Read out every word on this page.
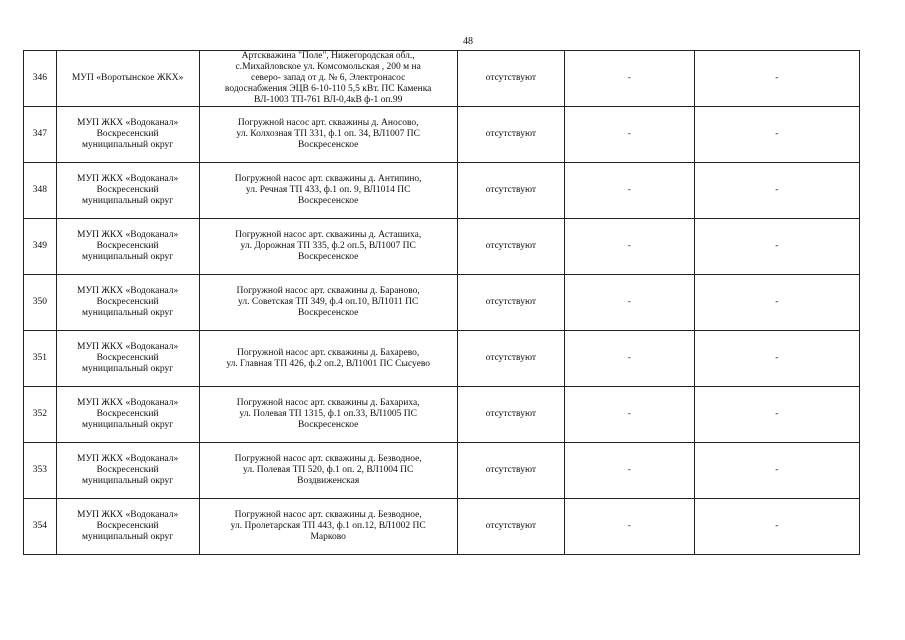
48
346	МУП «Воротынское ЖКХ»	Артскважина "Поле", Нижегородская обл.,
с.Михайловское ул. Комсомольская , 200 м на
северо- запад от д. № 6, Электронасос
водоснабжения ЭЦВ 6-10-110 5,5 кВт. ПС Каменка
ВЛ-1003 ТП-761 ВЛ-0,4кВ ф-1 оп.99	отсутствуют	-	-
347	МУП ЖКХ «Водоканал»
Воскресенский
муниципальный округ	Погружной насос арт. скважины д. Аносово,
ул. Колхозная ТП 331, ф.1 оп. 34, ВЛ1007 ПС
Воскресенское	отсутствуют	-	-
348	МУП ЖКХ «Водоканал»
Воскресенский
муниципальный округ	Погружной насос арт. скважины д. Антипино,
ул. Речная ТП 433, ф.1 оп. 9, ВЛ1014 ПС
Воскресенское	отсутствуют	-	-
349	МУП ЖКХ «Водоканал»
Воскресенский
муниципальный округ	Погружной насос арт. скважины д. Асташиха,
ул. Дорожная ТП 335, ф.2 оп.5, ВЛ1007 ПС
Воскресенское	отсутствуют	-	-
350	МУП ЖКХ «Водоканал»
Воскресенский
муниципальный округ	Погружной насос арт. скважины д. Бараново,
ул. Советская ТП 349, ф.4 оп.10, ВЛ1011 ПС
Воскресенское	отсутствуют	-	-
351	МУП ЖКХ «Водоканал»
Воскресенский
муниципальный округ	Погружной насос арт. скважины д. Бахарево,
ул. Главная ТП 426, ф.2 оп.2, ВЛ1001 ПС Сысуево	отсутствуют	-	-
352	МУП ЖКХ «Водоканал»
Воскресенский
муниципальный округ	Погружной насос арт. скважины д. Бахариха,
ул. Полевая ТП 1315, ф.1 оп.33, ВЛ1005 ПС
Воскресенское	отсутствуют	-	-
353	МУП ЖКХ «Водоканал»
Воскресенский
муниципальный округ	Погружной насос арт. скважины д. Безводное,
ул. Полевая ТП 520, ф.1 оп. 2, ВЛ1004 ПС
Воздвиженская	отсутствуют	-	-
354	МУП ЖКХ «Водоканал»
Воскресенский
муниципальный округ	Погружной насос арт. скважины д. Безводное,
ул. Пролетарская ТП 443, ф.1 оп.12, ВЛ1002 ПС
Марково	отсутствуют	-	-
